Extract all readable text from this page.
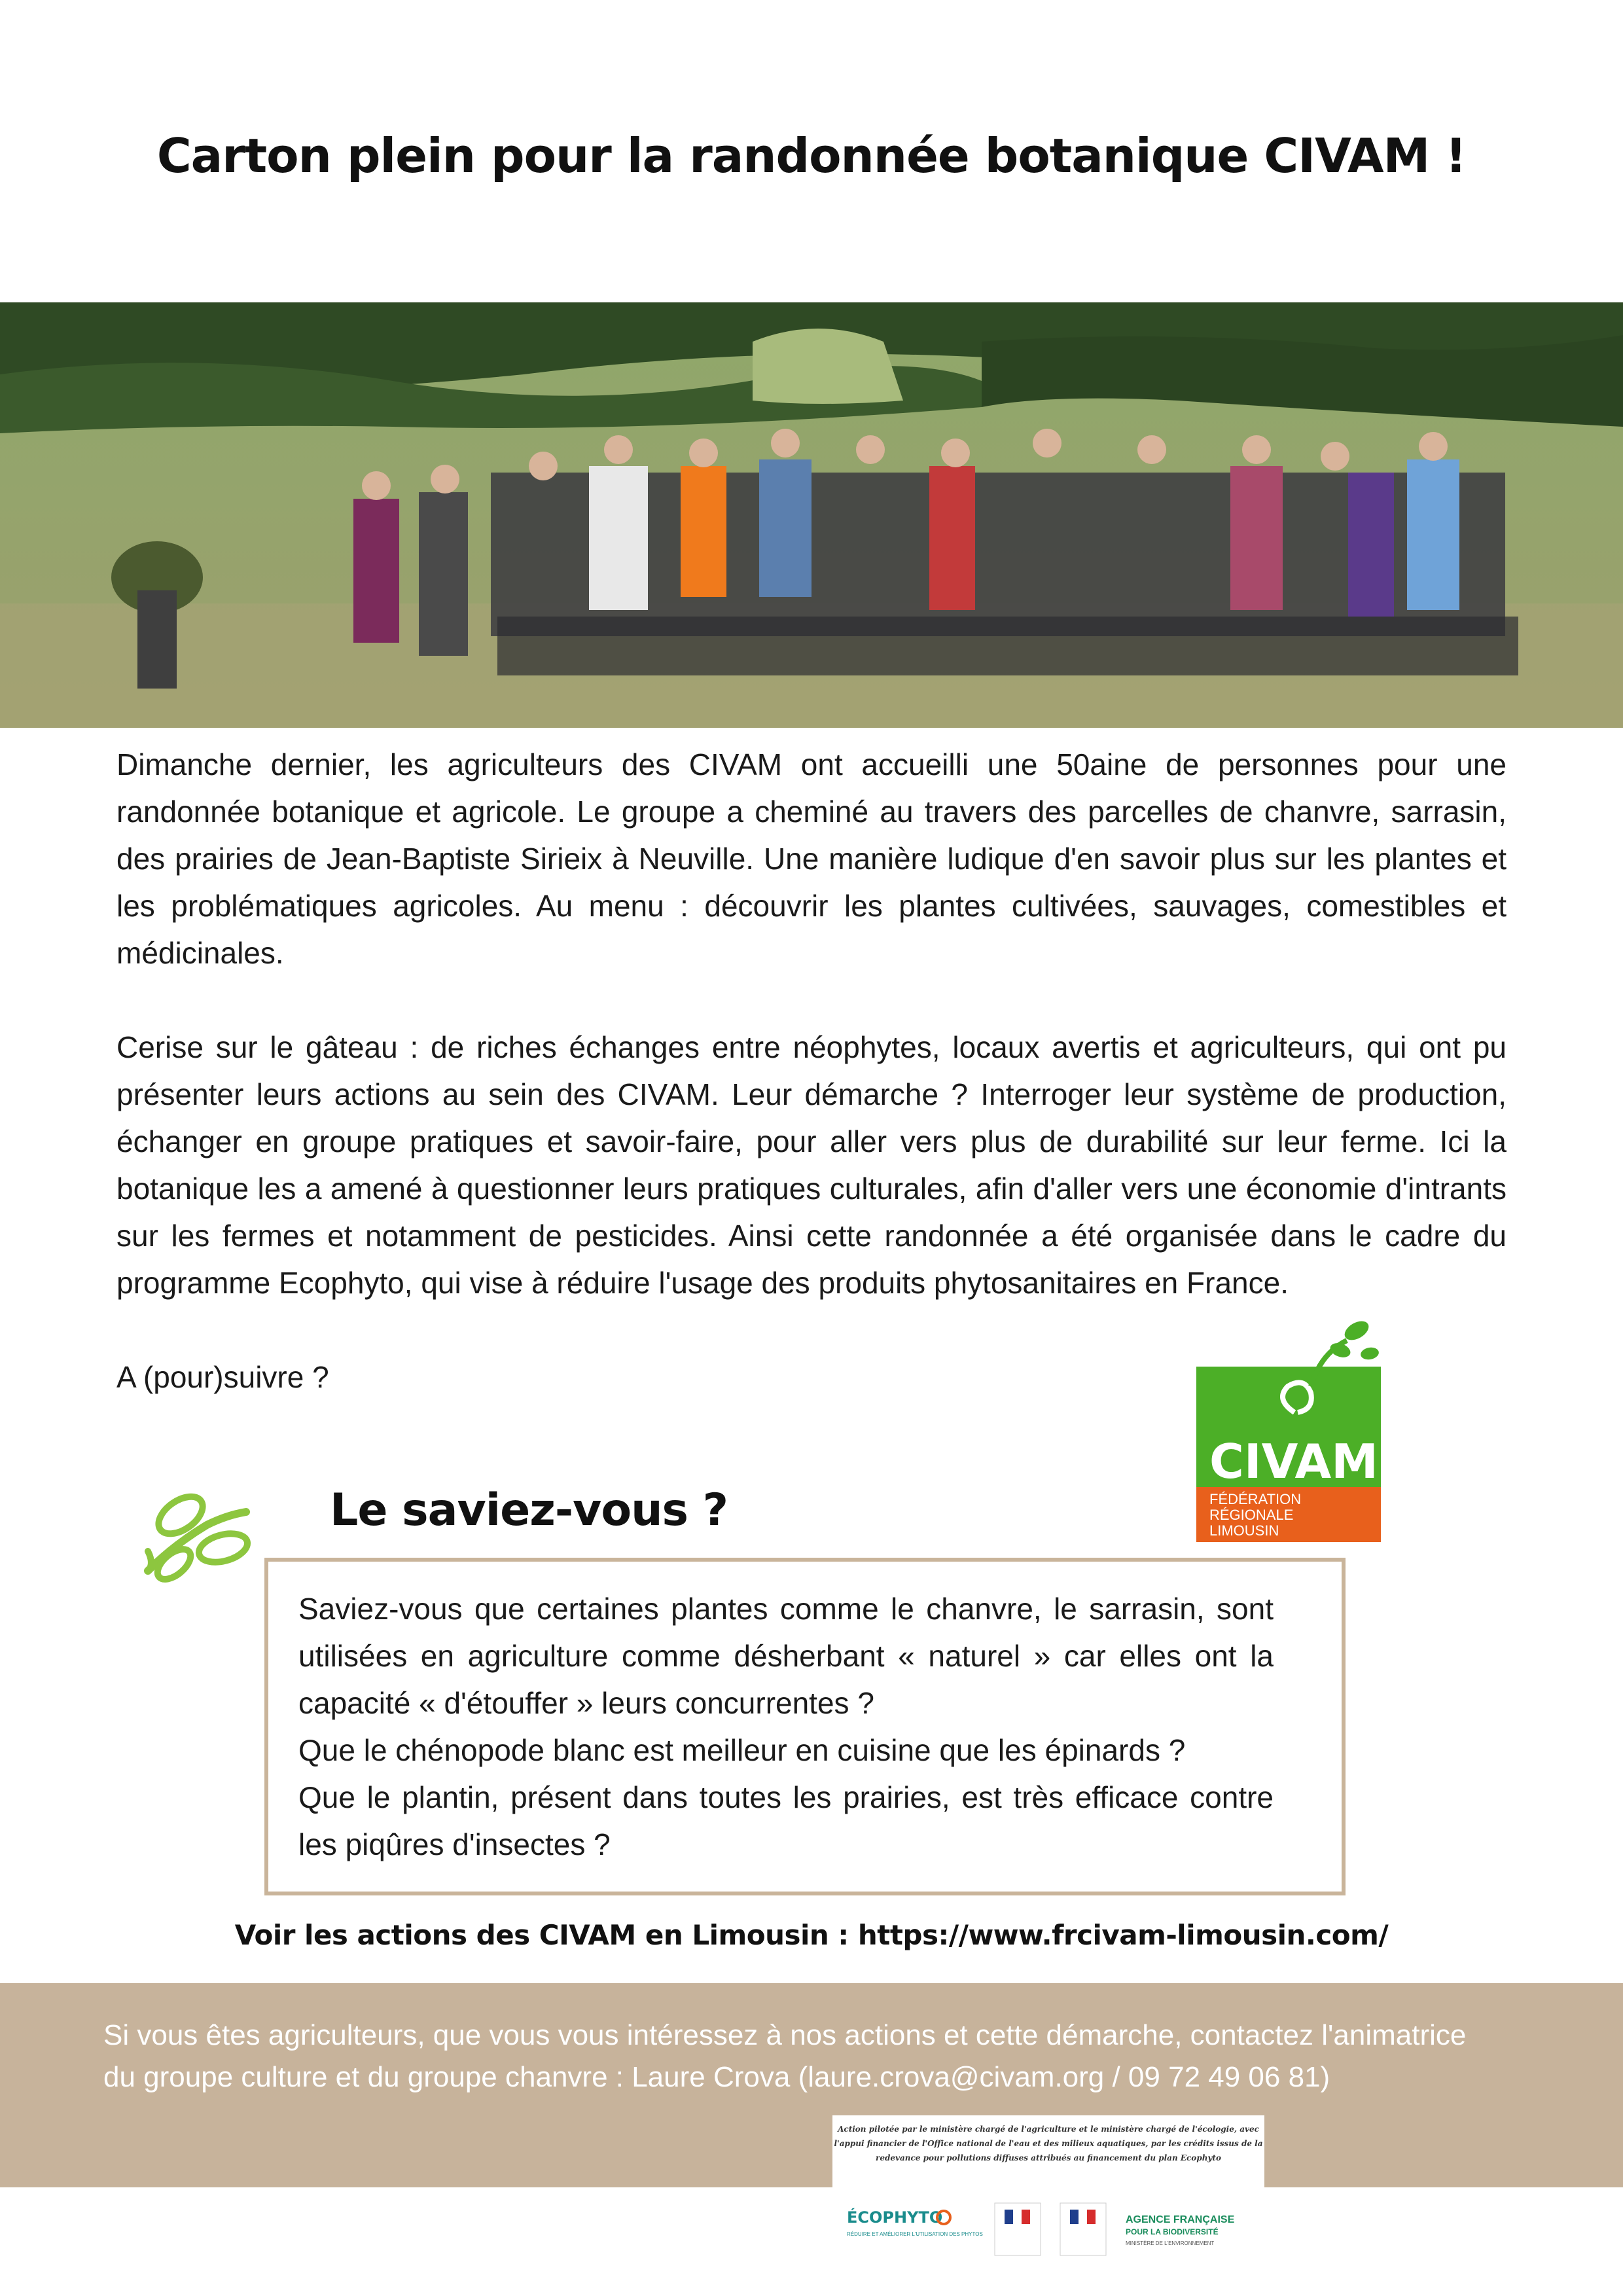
Carton plein pour la randonnée botanique CIVAM !

Dimanche dernier, les agriculteurs des CIVAM ont accueilli une 50aine de personnes pour une randonnée botanique et agricole. Le groupe a cheminé au travers des parcelles de chanvre, sarrasin, des prairies de Jean-Baptiste Sirieix à Neuville. Une manière ludique d'en savoir plus sur les plantes et les problématiques agricoles. Au menu : découvrir les plantes cultivées, sauvages, comestibles et médicinales.

Cerise sur le gâteau : de riches échanges entre néophytes, locaux avertis et agriculteurs, qui ont pu présenter leurs actions au sein des CIVAM. Leur démarche ? Interroger leur système de production, échanger en groupe pratiques et savoir-faire, pour aller vers plus de durabilité sur leur ferme. Ici la botanique les a amené à questionner leurs pratiques culturales, afin d'aller vers une économie d'intrants sur les fermes et notamment de pesticides. Ainsi cette randonnée a été organisée dans le cadre du programme Ecophyto, qui vise à réduire l'usage des produits phytosanitaires en France.

A (pour)suivre ?

CIVAM
FÉDÉRATION
RÉGIONALE
LIMOUSIN
Le saviez-vous ?

Saviez-vous que certaines plantes comme le chanvre, le sarrasin, sont utilisées en agriculture comme désherbant « naturel » car elles ont la capacité « d'étouffer » leurs concurrentes ?

Que le chénopode blanc est meilleur en cuisine que les épinards ?

Que le plantin, présent dans toutes les prairies, est très efficace contre les piqûres d'insectes ?

Voir les actions des CIVAM en Limousin : https://www.frcivam-limousin.com/

Si vous êtes agriculteurs, que vous vous intéressez à nos actions et cette démarche, contactez l'animatrice du groupe culture et du groupe chanvre : Laure Crova (laure.crova@civam.org / 09 72 49 06 81)
Action pilotée par le ministère chargé de l'agriculture et le ministère chargé de l'écologie, avec l'appui financier de l'Office national de l'eau et des milieux aquatiques, par les crédits issus de la redevance pour pollutions diffuses attribués au financement du plan Ecophyto
ÉCOPHYTO
RÉDUIRE ET AMÉLIORER L'UTILISATION DES PHYTOS
AGENCE FRANÇAISE
POUR LA BIODIVERSITÉ
MINISTÈRE DE L'ENVIRONNEMENT
